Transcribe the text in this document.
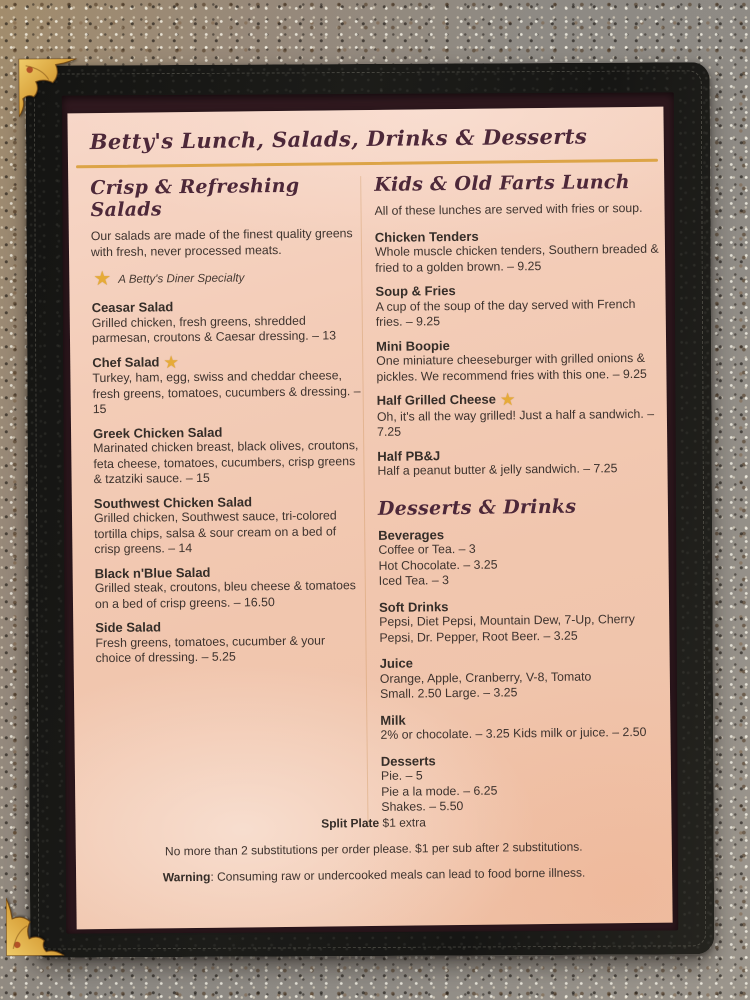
Betty's Lunch, Salads, Drinks & Desserts
Crisp & Refreshing Salads

Our salads are made of the finest quality greens with fresh, never processed meats.

★ A Betty's Diner Specialty
Ceasar Salad
Grilled chicken, fresh greens, shredded parmesan, croutons & Caesar dressing. – 13
Chef Salad ★
Turkey, ham, egg, swiss and cheddar cheese, fresh greens, tomatoes, cucumbers & dressing. – 15
Greek Chicken Salad
Marinated chicken breast, black olives, croutons, feta cheese, tomatoes, cucumbers, crisp greens & tzatziki sauce. – 15
Southwest Chicken Salad
Grilled chicken, Southwest sauce, tri-colored tortilla chips, salsa & sour cream on a bed of crisp greens. – 14
Black n'Blue Salad
Grilled steak, croutons, bleu cheese & tomatoes on a bed of crisp greens. – 16.50
Side Salad
Fresh greens, tomatoes, cucumber & your choice of dressing. – 5.25
Kids & Old Farts Lunch

All of these lunches are served with fries or soup.

Chicken Tenders
Whole muscle chicken tenders, Southern breaded & fried to a golden brown. – 9.25
Soup & Fries
A cup of the soup of the day served with French fries. – 9.25
Mini Boopie
One miniature cheeseburger with grilled onions & pickles. We recommend fries with this one. – 9.25
Half Grilled Cheese ★
Oh, it's all the way grilled! Just a half a sandwich. – 7.25
Half PB&J
Half a peanut butter & jelly sandwich. – 7.25
Desserts & Drinks
Beverages
Coffee or Tea. – 3
Hot Chocolate. – 3.25
Iced Tea. – 3
Soft Drinks
Pepsi, Diet Pepsi, Mountain Dew, 7-Up, Cherry Pepsi, Dr. Pepper, Root Beer. – 3.25
Juice
Orange, Apple, Cranberry, V-8, Tomato
Small. 2.50 Large. – 3.25
Milk
2% or chocolate. – 3.25 Kids milk or juice. – 2.50
Desserts
Pie. – 5
Pie a la mode. – 6.25
Shakes. – 5.50
Split Plate $1 extra
No more than 2 substitutions per order please. $1 per sub after 2 substitutions.
Warning: Consuming raw or undercooked meals can lead to food borne illness.
